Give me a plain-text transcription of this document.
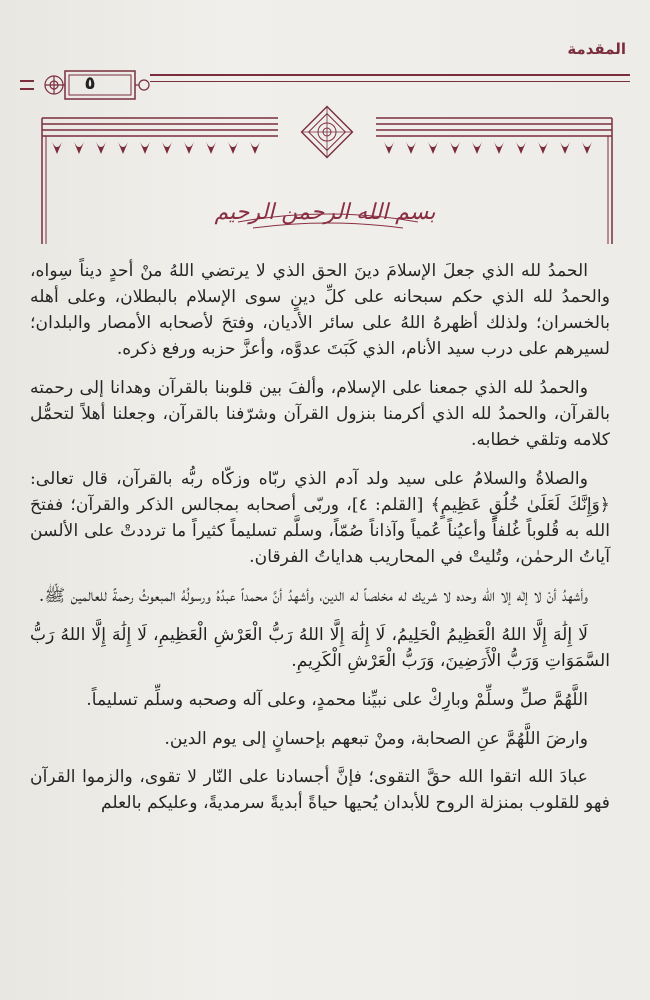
المقدمة
٥
بسم الله الرحمن الرحيم

الحمدُ لله الذي جعلَ الإسلامَ دينَ الحق الذي لا يرتضي اللهُ منْ أحدٍ ديناً سِواه، والحمدُ لله الذي حكم سبحانه على كلِّ دينٍ سوى الإسلام بالبطلان، وعلى أهله بالخسران؛ ولذلك أظهرهُ اللهُ على سائر الأديان، وفتحَ لأصحابه الأمصار والبلدان؛ لسيرهم على درب سيد الأنام، الذي كَبَتَ عدوَّه، وأعزَّ حزبه ورفع ذكره.

والحمدُ لله الذي جمعنا على الإسلام، وألفَ بين قلوبنا بالقرآن وهدانا إلى رحمته بالقرآن، والحمدُ لله الذي أكرمنا بنزول القرآن وشرّفنا بالقرآن، وجعلنا أهلاً لتحمُّل كلامه وتلقي خطابه.

والصلاةُ والسلامُ على سيد ولد آدم الذي ربّاه وزكّاه ربُّه بالقرآن، قال تعالى: ﴿وَإِنَّكَ لَعَلَىٰ خُلُقٍ عَظِيمٍ﴾ [القلم: ٤]، وربّى أصحابه بمجالس الذكر والقرآن؛ ففتحَ الله به قُلوباً غُلفاً وأعيُناً عُمياً وآذاناً صُمّاً، وسلَّم تسليماً كثيراً ما ترددتْ على الألسن آياتُ الرحمٰن، وتُليتْ في المحاريب هداياتُ الفرقان.

وأشهدُ أنْ لا إلٰه إلا الله وحده لا شريك له مخلصاً له الدين، وأشهدُ أنَّ محمداً عبدُهُ ورسولُهُ المبعوثُ رحمةً للعالمين ﷺ.

لَا إِلَٰهَ إِلَّا اللهُ الْعَظِيمُ الْحَلِيمُ، لَا إِلَٰهَ إِلَّا اللهُ رَبُّ الْعَرْشِ الْعَظِيمِ، لَا إِلَٰهَ إِلَّا اللهُ رَبُّ السَّمَوَاتِ وَرَبُّ الْأَرَضِينَ، وَرَبُّ الْعَرْشِ الْكَرِيمِ.

اللَّهُمَّ صلِّ وسلِّمْ وبارِكْ على نبيِّنا محمدٍ، وعلى آله وصحبه وسلِّم تسليماً.

وارضَ اللَّهُمَّ عنِ الصحابة، ومنْ تبعهم بإحسانٍ إلى يوم الدين.

عبادَ الله اتقوا الله حقَّ التقوى؛ فإنَّ أجسادنا على النّار لا تقوى، والزموا القرآن فهو للقلوب بمنزلة الروح للأبدان يُحيها حياةً أبديةً سرمديةً، وعليكم بالعلم
